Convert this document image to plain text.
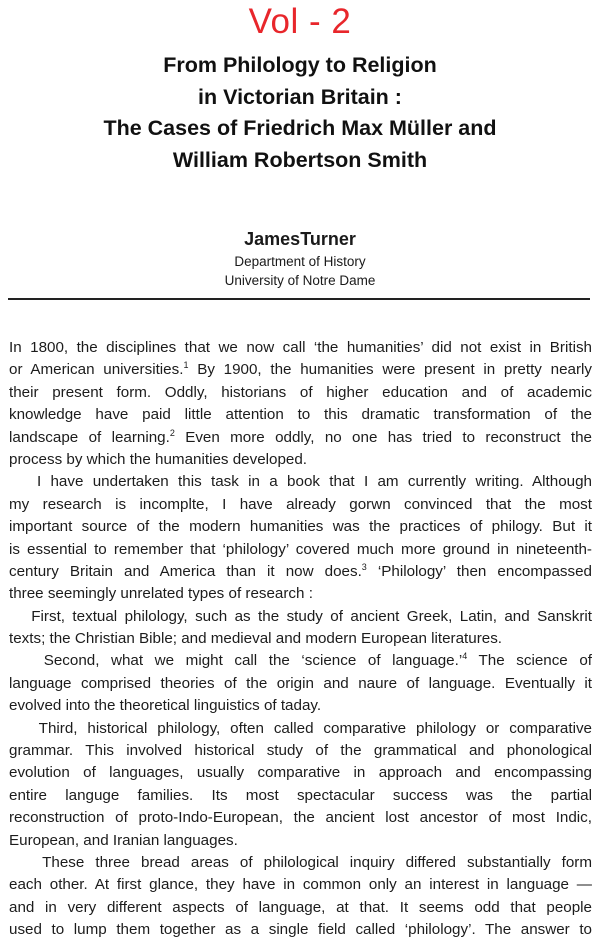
Vol - 2
From Philology to Religion
in Victorian Britain :
The Cases of Friedrich Max Müller and
William Robertson Smith
JamesTurner
Department of History
University of Notre Dame
In 1800, the disciplines that we now call ‘the humanities’ did not exist in British
or American universities.$^1$ By 1900, the humanities were present in pretty nearly
their present form. Oddly, historians of higher education and of academic
knowledge have paid little attention to this dramatic transformation of the
landscape of learning.$^2$ Even more oddly, no one has tried to reconstruct the
process by which the humanities developed.
I have undertaken this task in a book that I am currently writing. Although
my research is incomplte, I have already gorwn convinced that the most
important source of the modern humanities was the practices of philogy. But it
is essential to remember that ‘philology’ covered much more ground in nineteenth-
century Britain and America than it now does.$^3$ ‘Philology’ then encompassed
three seemingly unrelated types of research :
First, textual philology, such as the study of ancient Greek, Latin, and Sanskrit
texts; the Christian Bible; and medieval and modern European literatures.
Second, what we might call the ‘science of language.’$^4$ The science of
language comprised theories of the origin and naure of language. Eventually it
evolved into the theoretical linguistics of taday.
Third, historical philology, often called comparative philology or comparative
grammar. This involved historical study of the grammatical and phonological
evolution of languages, usually comparative in approach and encompassing
entire languge families. Its most spectacular success was the partial
reconstruction of proto-Indo-European, the ancient lost ancestor of most Indic,
European, and Iranian languages.
These three bread areas of philological inquiry differed substantially form
each other. At first glance, they have in common only an interest in language —
and in very different aspects of language, at that. It seems odd that people
used to lump them together as a single field called ‘philology’. The answer to
